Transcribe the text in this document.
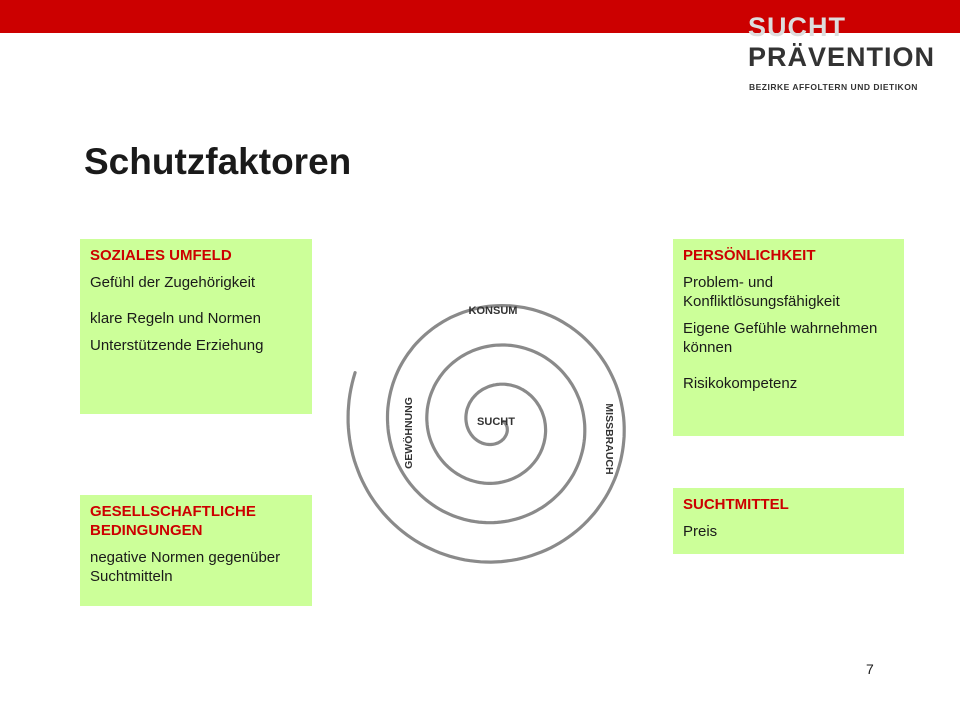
SUCHT
PRÄVENTION
BEZIRKE AFFOLTERN UND DIETIKON
Schutzfaktoren
SOZIALES UMFELD
Gefühl der Zugehörigkeit
klare Regeln und Normen
Unterstützende Erziehung
GESELLSCHAFTLICHE BEDINGUNGEN
negative Normen gegenüber Suchtmitteln
PERSÖNLICHKEIT
Problem- und Konfliktlösungsfähigkeit
Eigene Gefühle wahrnehmen können
Risikokompetenz
SUCHTMITTEL
Preis
KONSUM
SUCHT
GEWÖHNUNG	MISSBRAUCH
7
